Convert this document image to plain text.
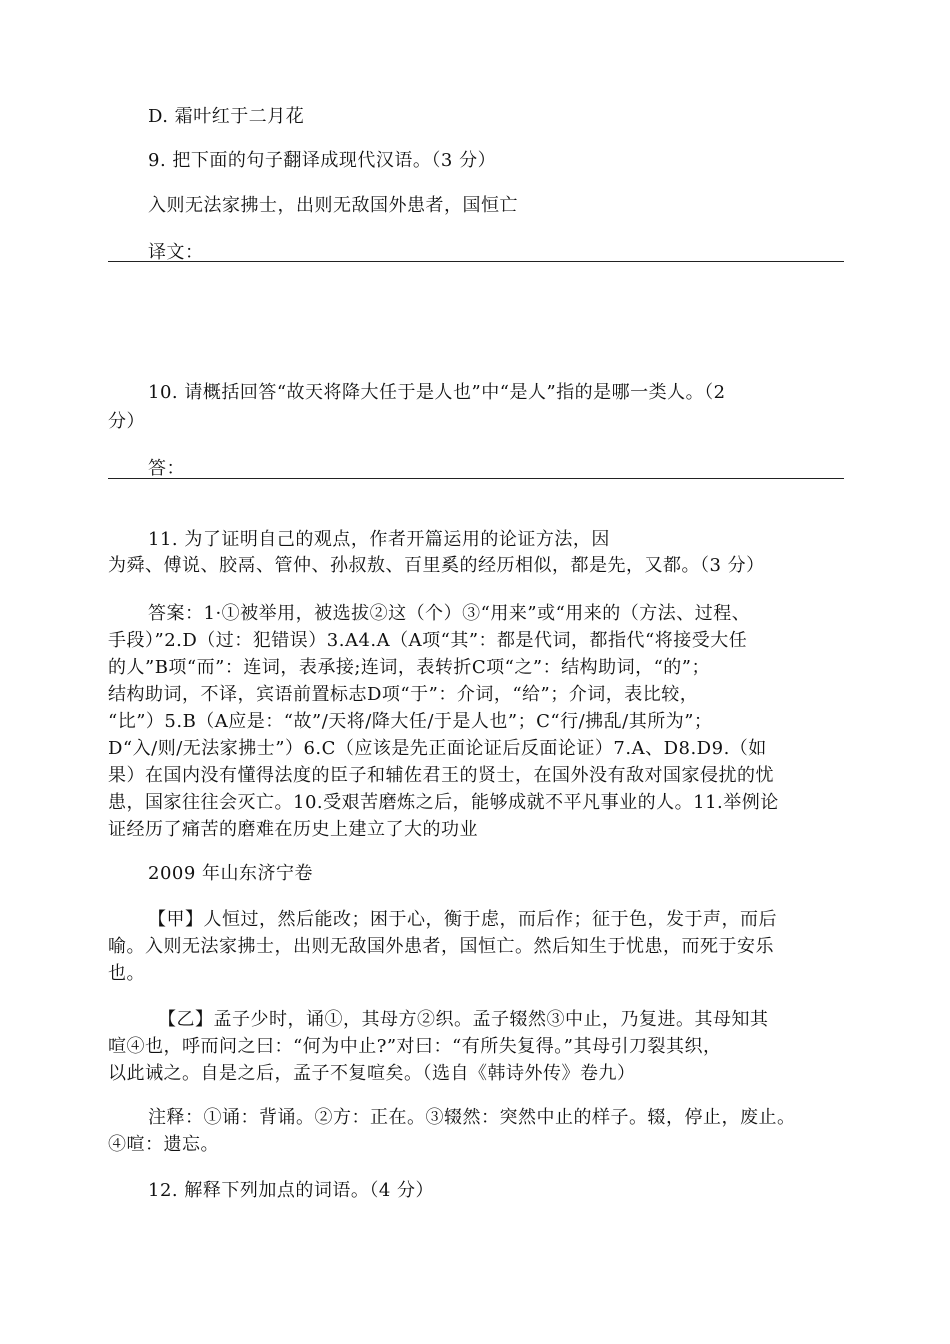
D. 霜叶红于二月花
9. 把下面的句子翻译成现代汉语。（3 分）
入则无法家拂士，出则无敌国外患者，国恒亡
译文：
10. 请概括回答“故天将降大任于是人也”中“是人”指的是哪一类人。（2
分）
答：
11. 为了证明自己的观点，作者开篇运用的论证方法，因
为舜、傅说、胶鬲、管仲、孙叔敖、百里奚的经历相似，都是先，又都。（3 分）
答案：1·①被举用，被选拔②这（个）③“用来”或“用来的（方法、过程、
手段）”2.D（过：犯错误）3.A4.A（A项“其”：都是代词，都指代“将接受大任
的人”B项“而”：连词，表承接;连词，表转折C项“之”：结构助词，“的”；
结构助词，不译，宾语前置标志D项“于”：介词，“给”；介词，表比较，
“比”）5.B（A应是：“故”/天将/降大任/于是人也”；C“行/拂乱/其所为”；
D“入/则/无法家拂士”）6.C（应该是先正面论证后反面论证）7.A、D8.D9.（如
果）在国内没有懂得法度的臣子和辅佐君王的贤士，在国外没有敌对国家侵扰的忧
患，国家往往会灭亡。10.受艰苦磨炼之后，能够成就不平凡事业的人。11.举例论
证经历了痛苦的磨难在历史上建立了大的功业
2009 年山东济宁卷
【甲】人恒过，然后能改；困于心，衡于虑，而后作；征于色，发于声，而后
喻。入则无法家拂士，出则无敌国外患者，国恒亡。然后知生于忧患，而死于安乐
也。
【乙】孟子少时，诵①，其母方②织。孟子辍然③中止，乃复进。其母知其
喧④也，呼而问之曰：“何为中止?”对曰：“有所失复得。”其母引刀裂其织，
以此诫之。自是之后，孟子不复喧矣。（选自《韩诗外传》卷九）
注释：①诵：背诵。②方：正在。③辍然：突然中止的样子。辍，停止，废止。
④喧：遗忘。
12. 解释下列加点的词语。（4 分）
